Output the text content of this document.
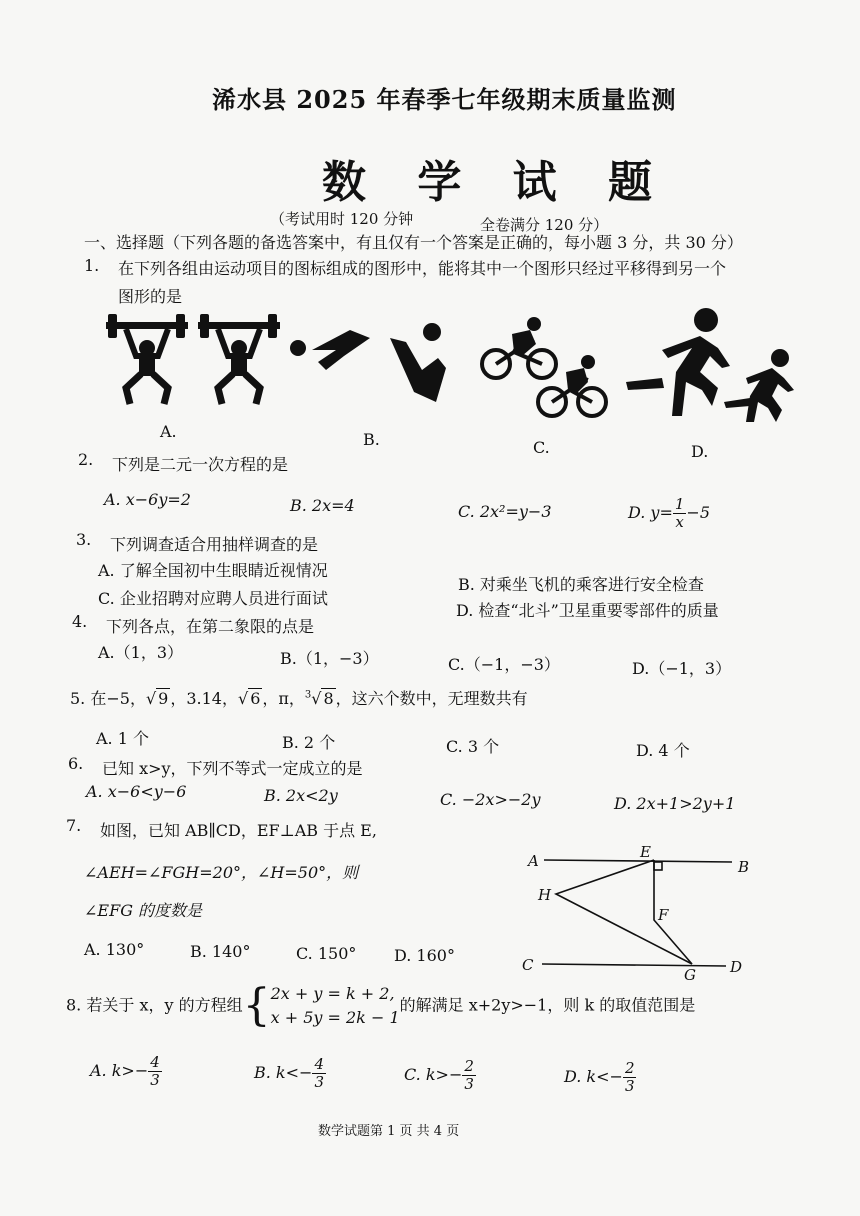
浠水县 2025 年春季七年级期末质量监测
数 学 试 题
（考试用时 120 分钟	全卷满分 120 分）
一、选择题（下列各题的备选答案中，有且仅有一个答案是正确的，每小题 3 分，共 30 分）
1. 在下列各组由运动项目的图标组成的图形中，能将其中一个图形只经过平移得到另一个
图形的是
A.	B.	C.	D.
2. 下列是二元一次方程的是
A. x−6y=2	B. 2x=4	C. 2x²=y−3	D. $y= \frac{1}{x} -5$
3. 下列调查适合用抽样调查的是
A. 了解全国初中生眼睛近视情况
B. 对乘坐飞机的乘客进行安全检查
C. 企业招聘对应聘人员进行面试
D. 检查“北斗”卫星重要零部件的质量
4. 下列各点，在第二象限的点是
A.（1，3）	B.（1，−3）	C.（−1，−3）	D.（−1，3）
5. 在−5，√ 9 ，3.14，√ 6 ，π，$^3$√ 8 ，这六个数中，无理数共有
A. 1 个	B. 2 个	C. 3 个	D. 4 个
6. 已知 x>y，下列不等式一定成立的是
A. x−6<y−6	B. 2x<2y	C. −2x>−2y	D. 2x+1>2y+1
7. 如图，已知 AB∥CD，EF⊥AB 于点 E,
∠AEH=∠FGH=20°，∠H=50°，则
∠EFG 的度数是
A. 130°	B. 140°	C. 150° D. 160°
A	E
B
H
F
C
G D
8. 若关于 x，y 的方程组 { 2x + y = k + 2,
x + 5y = 2k − 1
的解满足 x+2y>−1，则 k 的取值范围是
A. $k>- \frac{4}{3}$	B. $k<- \frac{4}{3}$	C. $k>- \frac{2}{3}$	D. $k<- \frac{2}{3}$
数学试题第 1 页 共 4 页
